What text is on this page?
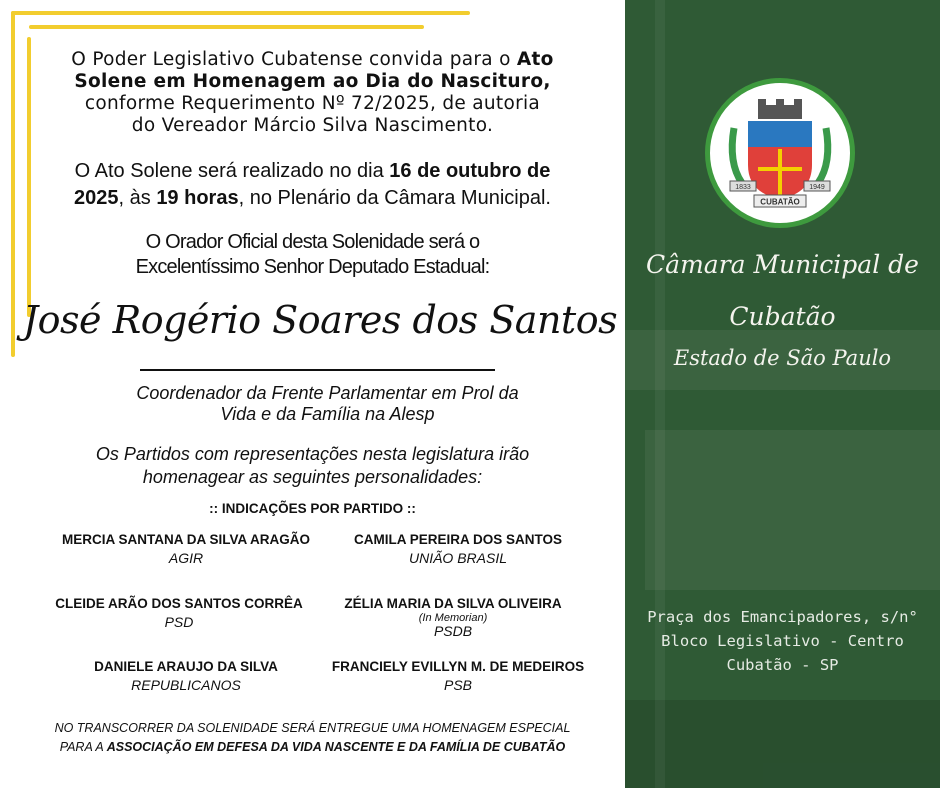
O Poder Legislativo Cubatense convida para o Ato
Solene em Homenagem ao Dia do Nascituro,
conforme Requerimento Nº 72/2025, de autoria
do Vereador Márcio Silva Nascimento.
O Ato Solene será realizado no dia 16 de outubro de
2025, às 19 horas, no Plenário da Câmara Municipal.
O Orador Oficial desta Solenidade será o
Excelentíssimo Senhor Deputado Estadual:
José Rogério Soares dos Santos
Coordenador da Frente Parlamentar em Prol da
Vida e da Família na Alesp
Os Partidos com representações nesta legislatura irão
homenagear as seguintes personalidades:
:: INDICAÇÕES POR PARTIDO ::
MERCIA SANTANA DA SILVA ARAGÃO
AGIR
CAMILA PEREIRA DOS SANTOS
UNIÃO BRASIL
CLEIDE ARÃO DOS SANTOS CORRÊA
PSD
ZÉLIA MARIA DA SILVA OLIVEIRA
(In Memorian)
PSDB
DANIELE ARAUJO DA SILVA
REPUBLICANOS
FRANCIELY EVILLYN M. DE MEDEIROS
PSB
NO TRANSCORRER DA SOLENIDADE SERÁ ENTREGUE UMA HOMENAGEM ESPECIAL
PARA A ASSOCIAÇÃO EM DEFESA DA VIDA NASCENTE E DA FAMÍLIA DE CUBATÃO
CUBATÃO
1833	1949
Câmara Municipal de
Cubatão
Estado de São Paulo
Praça dos Emancipadores, s/n°
Bloco Legislativo - Centro
Cubatão - SP
